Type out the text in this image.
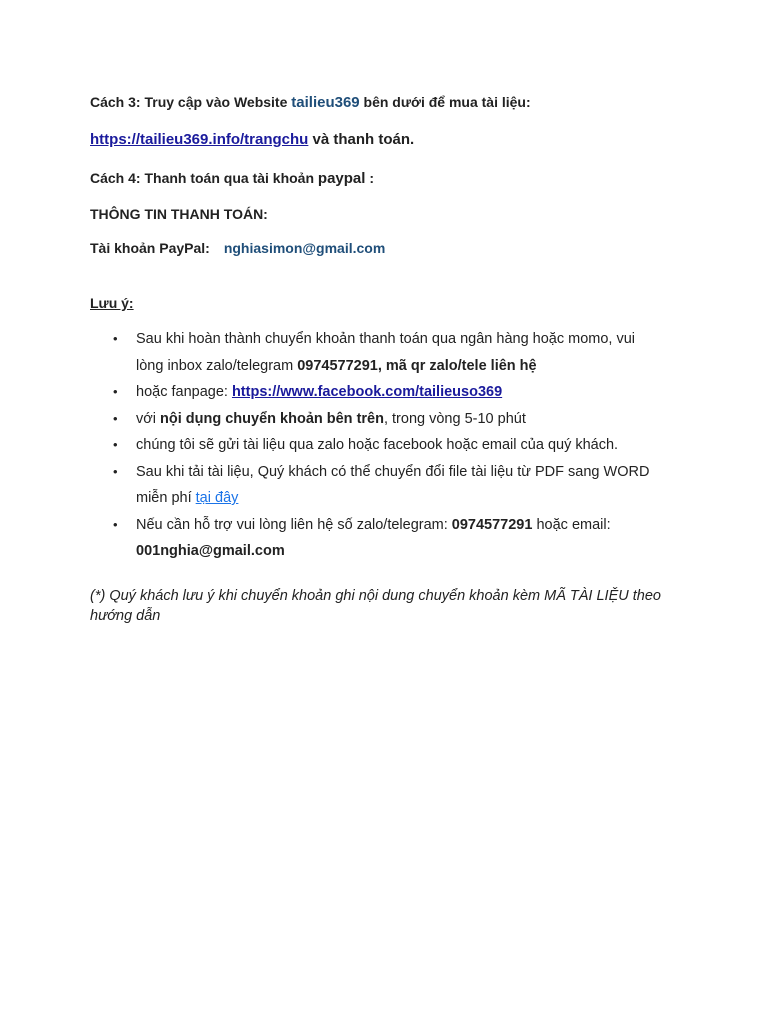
Cách 3: Truy cập vào Website tailieu369 bên dưới để mua tài liệu:
https://tailieu369.info/trangchu và thanh toán.
Cách 4: Thanh toán qua tài khoản paypal :
THÔNG TIN THANH TOÁN:
Tài khoản PayPal: nghiasimon@gmail.com
Lưu ý:
• Sau khi hoàn thành chuyển khoản thanh toán qua ngân hàng hoặc momo, vui
lòng inbox zalo/telegram 0974577291, mã qr zalo/tele liên hệ
• hoặc fanpage: https://www.facebook.com/tailieuso369
• với nội dụng chuyển khoản bên trên, trong vòng 5-10 phút
• chúng tôi sẽ gửi tài liệu qua zalo hoặc facebook hoặc email của quý khách.
• Sau khi tải tài liệu, Quý khách có thể chuyển đổi file tài liệu từ PDF sang WORD
miễn phí tại đây
• Nếu cần hỗ trợ vui lòng liên hệ số zalo/telegram: 0974577291 hoặc email:
001nghia@gmail.com
(*) Quý khách lưu ý khi chuyển khoản ghi nội dung chuyển khoản kèm MÃ TÀI LIỆU theo hướng dẫn
